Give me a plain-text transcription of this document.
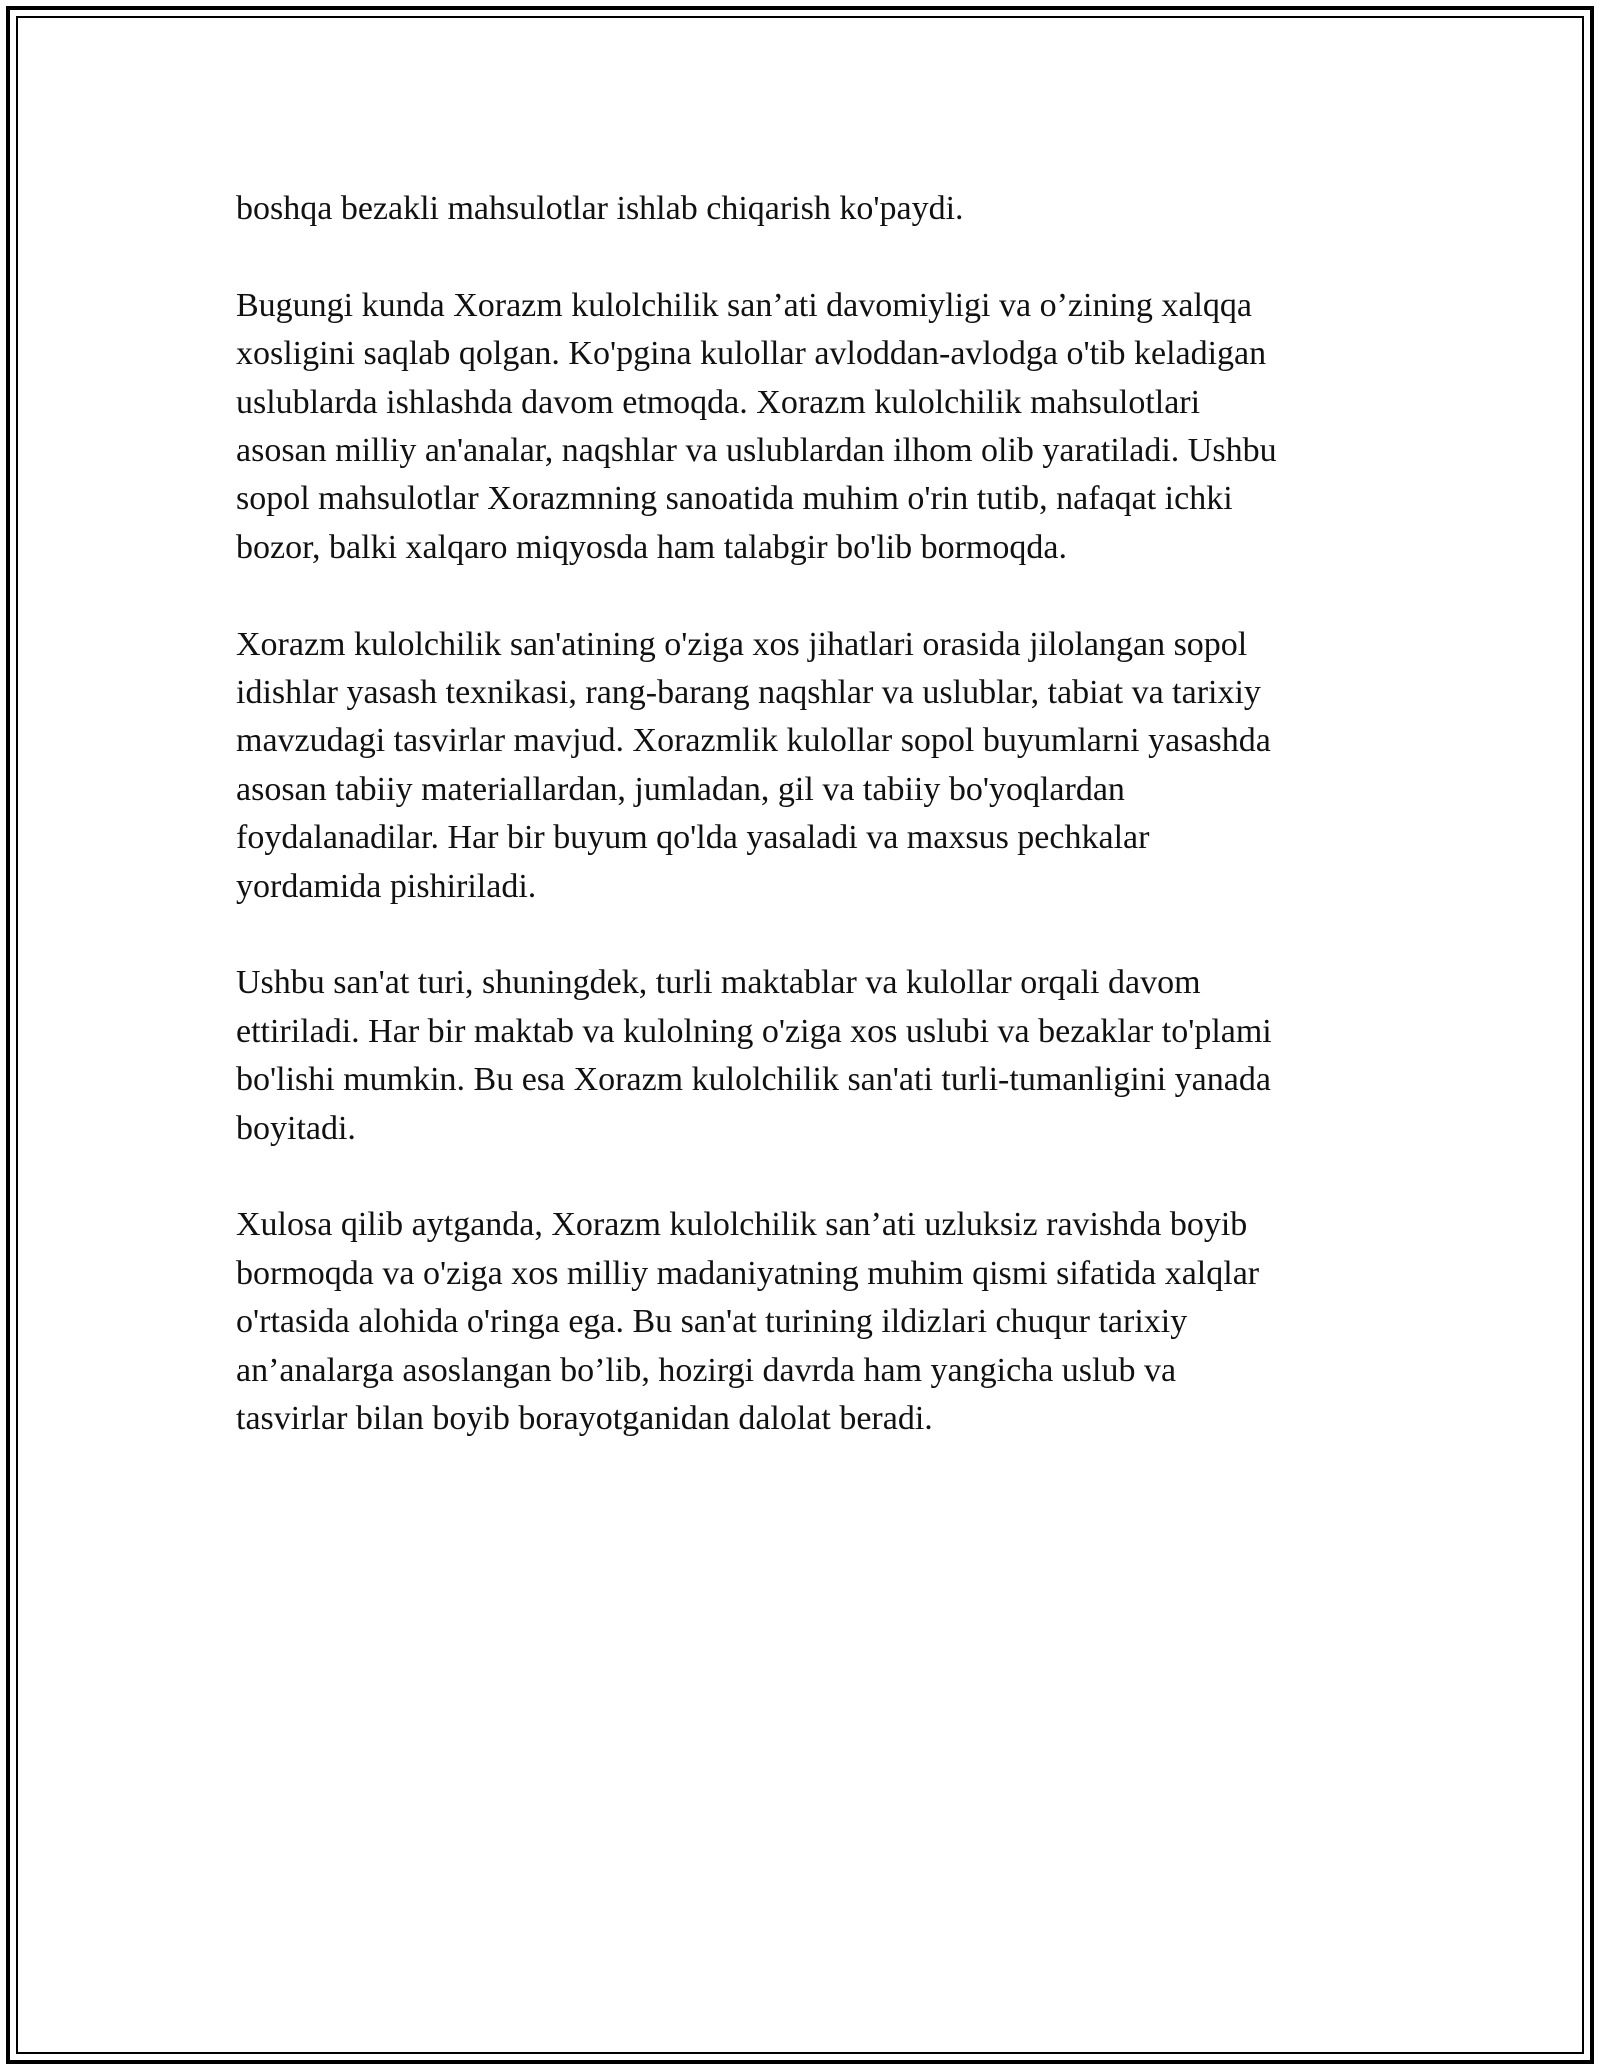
boshqa bezakli mahsulotlar ishlab chiqarish ko'paydi.

Bugungi kunda Xorazm kulolchilik san’ati davomiyligi va o’zining xalqqa
xosligini saqlab qolgan. Ko'pgina kulollar avloddan-avlodga o'tib keladigan
uslublarda ishlashda davom etmoqda. Xorazm kulolchilik mahsulotlari
asosan milliy an'analar, naqshlar va uslublardan ilhom olib yaratiladi. Ushbu
sopol mahsulotlar Xorazmning sanoatida muhim o'rin tutib, nafaqat ichki
bozor, balki xalqaro miqyosda ham talabgir bo'lib bormoqda.

Xorazm kulolchilik san'atining o'ziga xos jihatlari orasida jilolangan sopol
idishlar yasash texnikasi, rang-barang naqshlar va uslublar, tabiat va tarixiy
mavzudagi tasvirlar mavjud. Xorazmlik kulollar sopol buyumlarni yasashda
asosan tabiiy materiallardan, jumladan, gil va tabiiy bo'yoqlardan
foydalanadilar. Har bir buyum qo'lda yasaladi va maxsus pechkalar
yordamida pishiriladi.

Ushbu san'at turi, shuningdek, turli maktablar va kulollar orqali davom
ettiriladi. Har bir maktab va kulolning o'ziga xos uslubi va bezaklar to'plami
bo'lishi mumkin. Bu esa Xorazm kulolchilik san'ati turli-tumanligini yanada
boyitadi.

Xulosa qilib aytganda, Xorazm kulolchilik san’ati uzluksiz ravishda boyib
bormoqda va o'ziga xos milliy madaniyatning muhim qismi sifatida xalqlar
o'rtasida alohida o'ringa ega. Bu san'at turining ildizlari chuqur tarixiy
an’analarga asoslangan bo’lib, hozirgi davrda ham yangicha uslub va
tasvirlar bilan boyib borayotganidan dalolat beradi.
